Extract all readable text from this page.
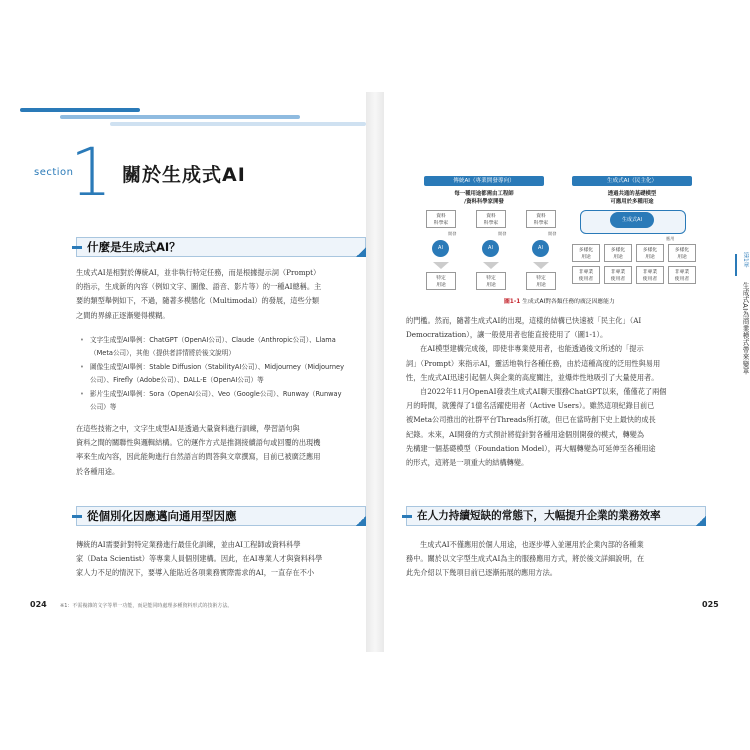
section
1 關於生成式AI
什麼是生成式AI？
生成式AI是相對於傳統AI，並非執行特定任務，而是根據提示詞（Prompt）
的指示，生成新的內容（例如文字、圖像、語音、影片等）的一種AI總稱。主
要的類型舉例如下，不過，隨著多模態化（Multimodal）的發展，這些分類
之間的界線正逐漸變得模糊。
• 文字生成型AI舉例：ChatGPT（OpenAI公司）、Claude（Anthropic公司）、Llama
（Meta公司），其他（提供者詳情將於後文說明）
• 圖像生成型AI舉例：Stable Diffusion（StabilityAI公司）、Midjourney（Midjourney
公司）、Firefly（Adobe公司）、DALL-E（OpenAI公司）等
• 影片生成型AI舉例：Sora（OpenAI公司）、Veo（Google公司）、Runway（Runway
公司）等
在這些技術之中，文字生成型AI是透過大量資料進行訓練，學習語句與
資料之間的關聯性與邏輯結構。它的運作方式是推測接續語句或回覆的出現機
率來生成內容，因此能夠進行自然語言的問答與文章撰寫，目前已被廣泛應用
於各種用途。
從個別化因應邁向通用型因應
傳統的AI需要針對特定業務進行最佳化訓練，並由AI工程師或資料科學
家（Data Scientist）等專業人員個別建構。因此，在AI專業人才與資料科學
家人力不足的情況下，要導入能貼近各項業務實際需求的AI，一直存在不小
024	※1：不需複雜的文字等單一功能，而是能同時處理多種資料形式的技術方法。
傳統AI（專業開發導向）	生成式AI（民主化）
每一種用途都需由工程師
/資料科學家開發
透過共通的基礎模型
可應用於多種用途
資料
科學家
資料
科學家
資料
科學家
開發	開發	開發
AI	AI	AI
特定
用途
特定
用途
特定
用途
生成式AI
應用
多樣化
用途
多樣化
用途
多樣化
用途
多樣化
用途
非專業
使用者
非專業
使用者
非專業
使用者
非專業
使用者
圖1-1 生成式AI對各類任務的廣泛因應能力
的門檻。然而，隨著生成式AI的出現，這樣的結構已快速被「民主化」（AI
Democratization），讓一般使用者也能直接使用了（圖1-1）。
在AI模型建構完成後，即使非專業使用者，也能透過後文所述的「提示
詞」（Prompt）來指示AI，靈活地執行各種任務，由於這種高度的泛用性與易用
性，生成式AI迅速引起個人與企業的高度關注，並爆炸性地吸引了大量使用者。
自2022年11月OpenAI發表生成式AI聊天服務ChatGPT以來，僅僅花了兩個
月的時間，就獲得了1億名活躍使用者（Active Users）。雖然這項紀錄目前已
被Meta公司推出的社群平台Threads所打破，但已在當時創下史上最快的成長
紀錄。未來，AI開發的方式預計將從針對各種用途個別開發的模式，轉變為
先構建一個基礎模型（Foundation Model），再大幅轉變為可延伸至各種用途
的形式，這將是一項重大的結構轉變。
在人力持續短缺的常態下，大幅提升企業的業務效率
生成式AI不僅應用於個人用途，也逐步導入並運用於企業內部的各種業
務中。關於以文字型生成式AI為主的服務應用方式，將於後文詳細說明，在
此先介紹以下幾項目前已逐漸拓展的應用方法。
025
第1章
生成式AI為商業模式帶來變革
